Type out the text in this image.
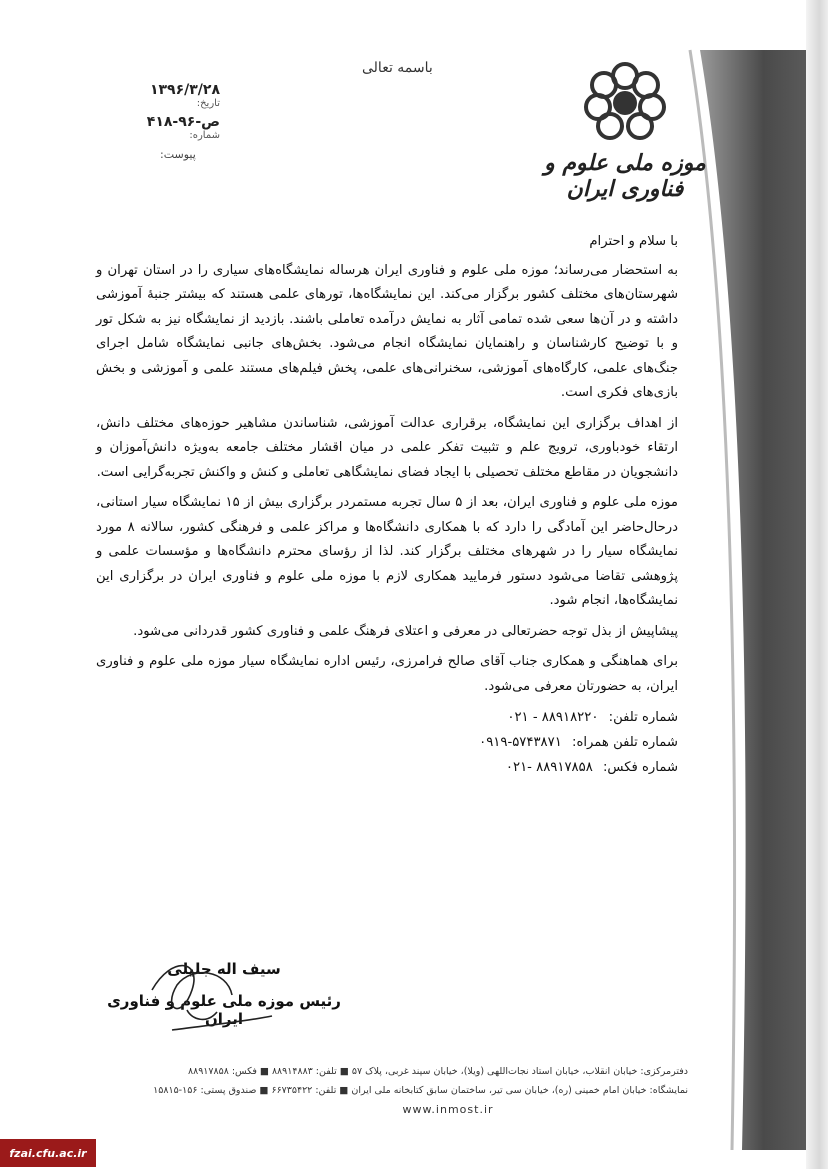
موزه ملی علوم و فناوری ایران
باسمه تعالی
۱۳۹۶/۳/۲۸
تاریخ:
۴۱۸-۹۶-ص
شماره:
پیوست:

با سلام و احترام

به استحضار می‌رساند؛ موزه ملی علوم و فناوری ایران هرساله نمایشگاه‌های سیاری را در استان تهران و شهرستان‌های مختلف کشور برگزار می‌کند. این نمایشگاه‌ها، تورهای علمی هستند که بیشتر جنبهٔ آموزشی داشته و در آن‌ها سعی شده تمامی آثار به نمایش درآمده تعاملی باشند. بازدید از نمایشگاه نیز به شکل تور و با توضیح کارشناسان و راهنمایان نمایشگاه انجام می‌شود. بخش‌های جانبی نمایشگاه شامل اجرای جنگ‌های علمی، کارگاه‌های آموزشی، سخنرانی‌های علمی، پخش فیلم‌های مستند علمی و آموزشی و بخش بازی‌های فکری است.

از اهداف برگزاری این نمایشگاه، برقراری عدالت آموزشی، شناساندن مشاهیر حوزه‌های مختلف دانش، ارتقاء خودباوری، ترویج علم و تثبیت تفکر علمی در میان اقشار مختلف جامعه به‌ویژه دانش‌آموزان و دانشجویان در مقاطع مختلف تحصیلی با ایجاد فضای نمایشگاهی تعاملی و کنش و واکنش تجربه‌گرایی است.

موزه ملی علوم و فناوری ایران، بعد از ۵ سال تجربه مستمردر برگزاری بیش از ۱۵ نمایشگاه سیار استانی، درحال‌حاضر این آمادگی را دارد که با همکاری دانشگاه‌ها و مراکز علمی و فرهنگی کشور، سالانه ۸ مورد نمایشگاه سیار را در شهرهای مختلف برگزار کند. لذا از رؤسای محترم دانشگاه‌ها و مؤسسات علمی و پژوهشی تقاضا می‌شود دستور فرمایید همکاری لازم با موزه ملی علوم و فناوری ایران در برگزاری این نمایشگاه‌ها، انجام شود.

پیشاپیش از بذل توجه حضرتعالی در معرفی و اعتلای فرهنگ علمی و فناوری کشور قدردانی می‌شود.

برای هماهنگی و همکاری جناب آقای صالح فرامرزی، رئیس اداره نمایشگاه سیار موزه ملی علوم و فناوری ایران، به حضورتان معرفی می‌شود.

شماره تلفن: ۰۲۱ - ۸۸۹۱۸۲۲۰
شماره تلفن همراه: ۰۹۱۹-۵۷۴۳۸۷۱
شماره فکس: ۰۲۱- ۸۸۹۱۷۸۵۸
سیف اله جلیلی
رئیس موزه ملی علوم و فناوری ایران
دفترمرکزی: خیابان انقلاب، خیابان استاد نجات‌اللهی (ویلا)، خیابان سپند غربی، پلاک ۵۷ ■ تلفن: ۸۸۹۱۴۸۸۳ ■ فکس: ۸۸۹۱۷۸۵۸
نمایشگاه: خیابان امام خمینی (ره)، خیابان سی تیر، ساختمان سابق کتابخانه ملی ایران ■ تلفن: ۶۶۷۳۵۴۲۲ ■ صندوق پستی: ۱۵۶-۱۵۸۱۵
www.inmost.ir
fzai.cfu.ac.ir
